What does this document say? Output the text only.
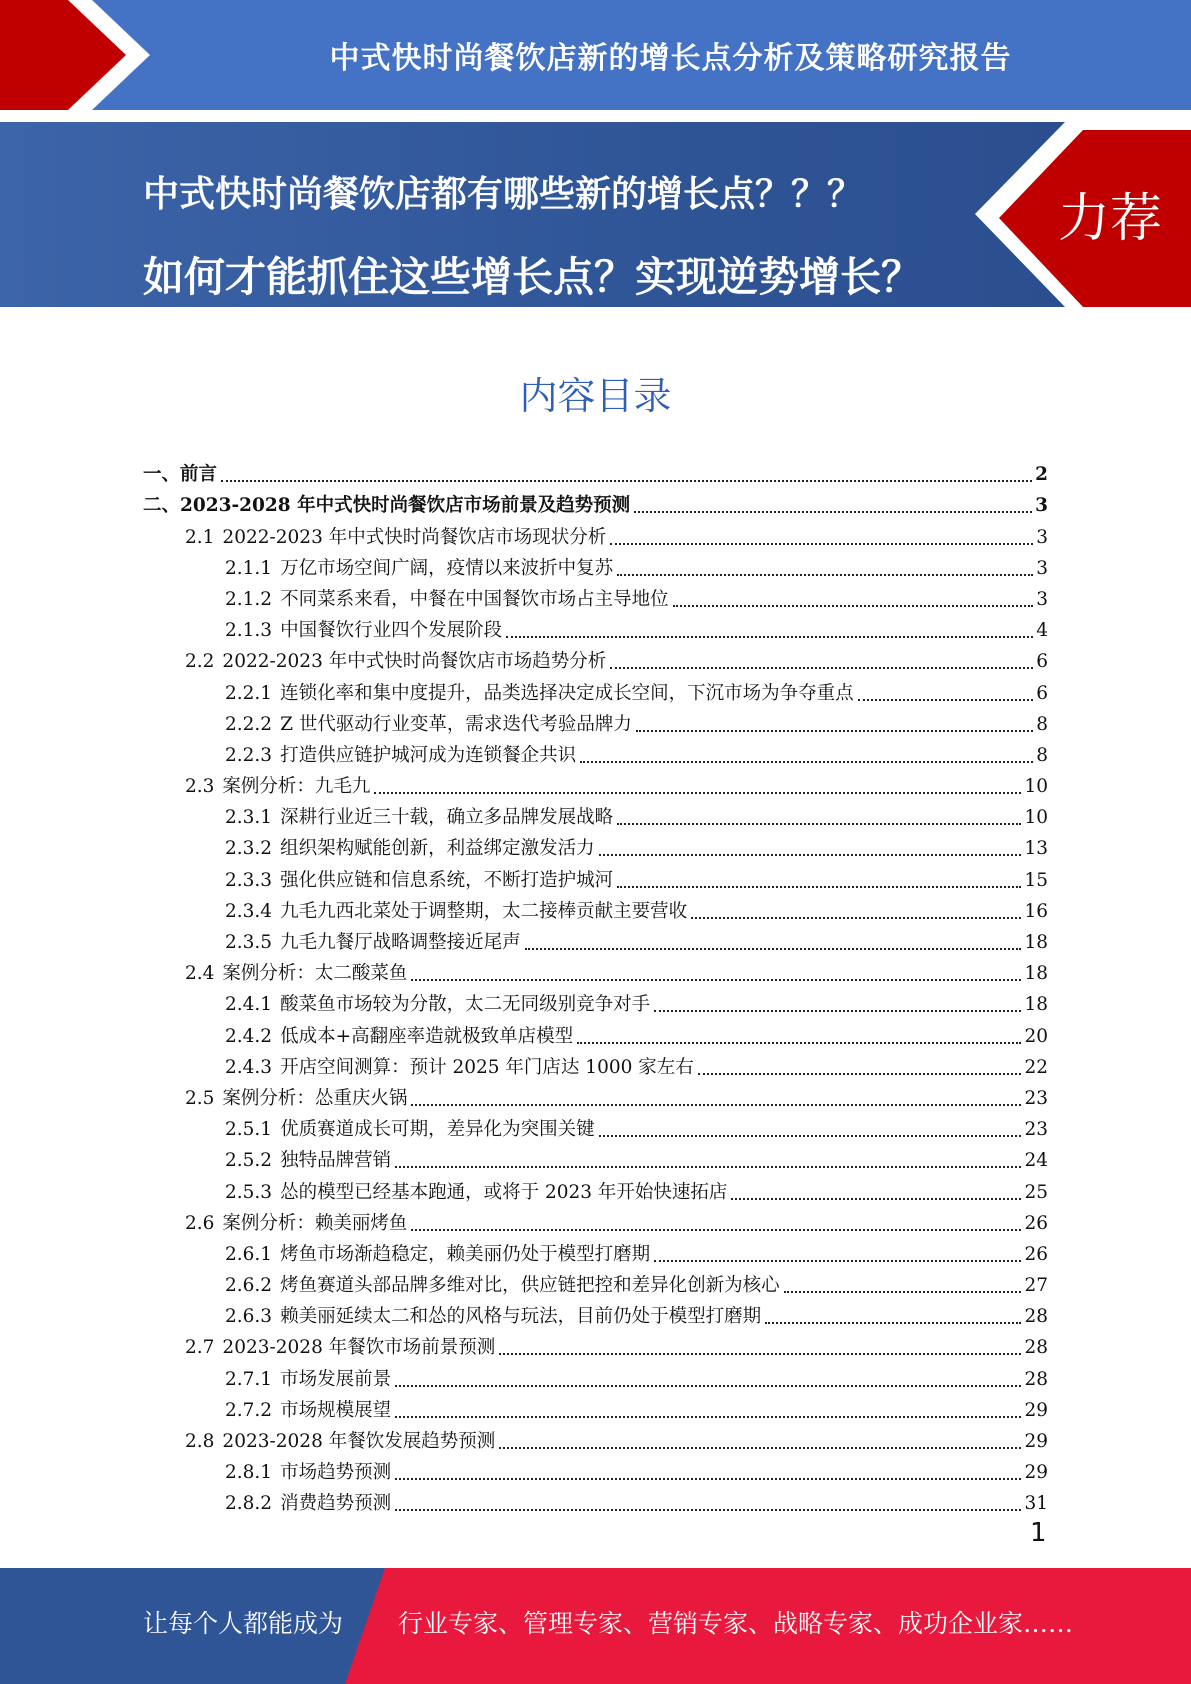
中式快时尚餐饮店新的增长点分析及策略研究报告
中式快时尚餐饮店都有哪些新的增长点？？？
如何才能抓住这些增长点？实现逆势增长？
力荐
内容目录
一、 前言	2
二、 2023-2028 年中式快时尚餐饮店市场前景及趋势预测	3
2.1 2022-2023 年中式快时尚餐饮店市场现状分析	3
2.1.1 万亿市场空间广阔，疫情以来波折中复苏	3
2.1.2 不同菜系来看，中餐在中国餐饮市场占主导地位	3
2.1.3 中国餐饮行业四个发展阶段	4
2.2 2022-2023 年中式快时尚餐饮店市场趋势分析	6
2.2.1 连锁化率和集中度提升，品类选择决定成长空间，下沉市场为争夺重点	6
2.2.2 Z 世代驱动行业变革，需求迭代考验品牌力	8
2.2.3 打造供应链护城河成为连锁餐企共识	8
2.3 案例分析：九毛九	10
2.3.1 深耕行业近三十载，确立多品牌发展战略	10
2.3.2 组织架构赋能创新，利益绑定激发活力	13
2.3.3 强化供应链和信息系统，不断打造护城河	15
2.3.4 九毛九西北菜处于调整期，太二接棒贡献主要营收	16
2.3.5 九毛九餐厅战略调整接近尾声	18
2.4 案例分析：太二酸菜鱼	18
2.4.1 酸菜鱼市场较为分散，太二无同级别竞争对手	18
2.4.2 低成本+高翻座率造就极致单店模型	20
2.4.3 开店空间测算：预计 2025 年门店达 1000 家左右	22
2.5 案例分析：怂重庆火锅	23
2.5.1 优质赛道成长可期，差异化为突围关键	23
2.5.2 独特品牌营销	24
2.5.3 怂的模型已经基本跑通，或将于 2023 年开始快速拓店	25
2.6 案例分析：赖美丽烤鱼	26
2.6.1 烤鱼市场渐趋稳定，赖美丽仍处于模型打磨期	26
2.6.2 烤鱼赛道头部品牌多维对比，供应链把控和差异化创新为核心	27
2.6.3 赖美丽延续太二和怂的风格与玩法，目前仍处于模型打磨期	28
2.7 2023-2028 年餐饮市场前景预测	28
2.7.1 市场发展前景	28
2.7.2 市场规模展望	29
2.8 2023-2028 年餐饮发展趋势预测	29
2.8.1 市场趋势预测	29
2.8.2 消费趋势预测	31
1
让每个人都能成为 行业专家、管理专家、营销专家、战略专家、成功企业家……
